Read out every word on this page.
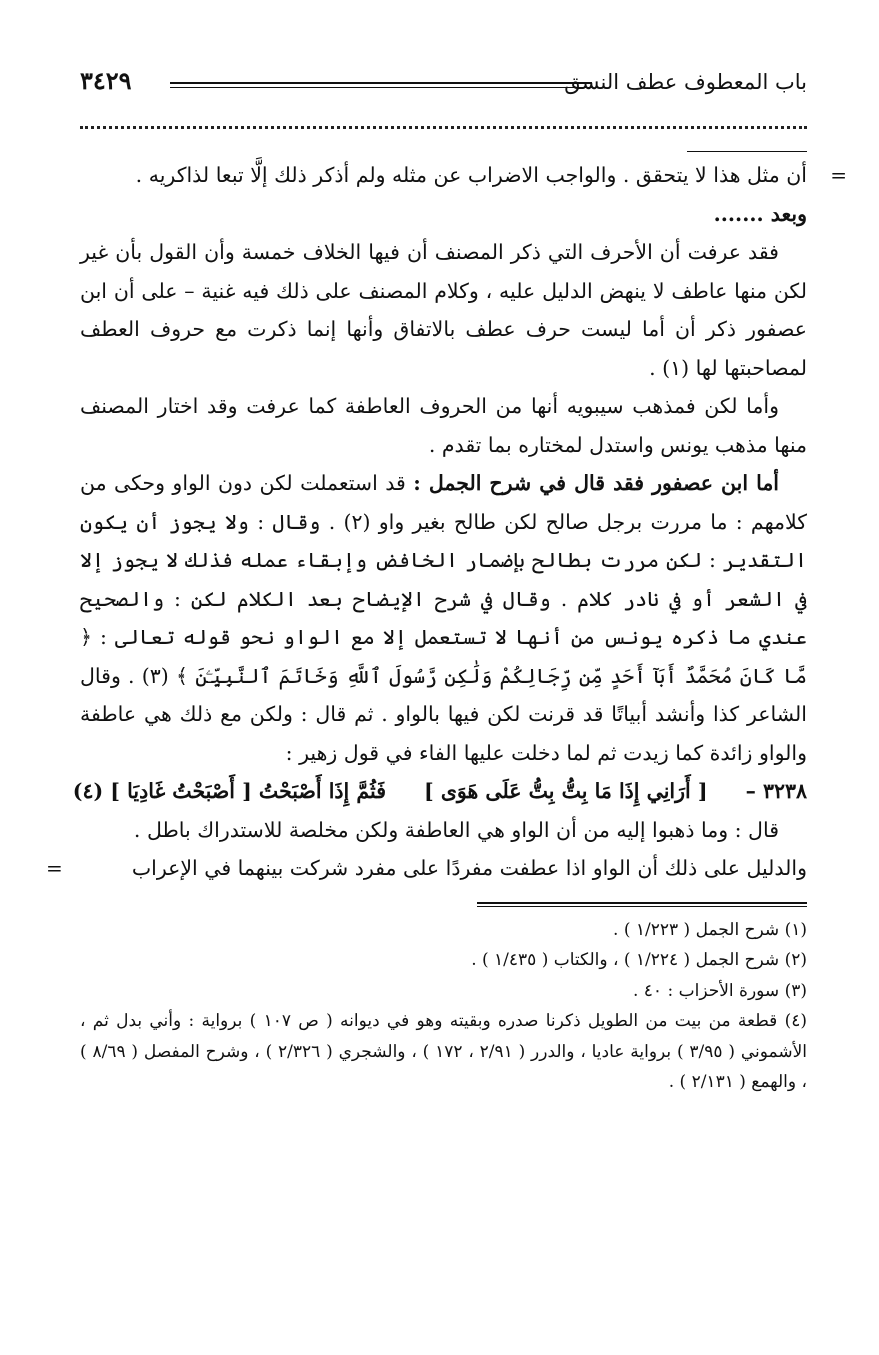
باب المعطوف عطف النسق
٣٤٢٩

=
أن مثل هذا لا يتحقق . والواجب الاضراب عن مثله ولم أذكر ذلك إلَّا تبعا لذاكريه .

وبعد .......

فقد عرفت أن الأحرف التي ذكر المصنف أن فيها الخلاف خمسة وأن القول بأن غير لكن منها عاطف لا ينهض الدليل عليه ، وكلام المصنف على ذلك فيه غنية – على أن ابن عصفور ذكر أن أما ليست حرف عطف بالاتفاق وأنها إنما ذكرت مع حروف العطف لمصاحبتها لها (١) .

وأما لكن فمذهب سيبويه أنها من الحروف العاطفة كما عرفت وقد اختار المصنف منها مذهب يونس واستدل لمختاره بما تقدم .

أما ابن عصفور فقد قال في شرح الجمل : قد استعملت لكن دون الواو وحكى من كلامهم : ما مررت برجل صالح لكن طالح بغير واو (٢) . وقال : ولا يجوز أن يكون التقدير : لكن مررت بطالح بإضمار الخافض وإبقاء عمله فذلك لا يجوز إلا في الشعر أو في نادر كلام . وقال في شرح الإيضاح بعد الكلام لكن : والصحيح عندي ما ذكره يونس من أنها لا تستعمل إلا مع الواو نحو قوله تعالى : ﴿ مَّا كَانَ مُحَمَّدٌ أَبَآ أَحَدٍ مِّن رِّجَالِكُمْ وَلَٰكِن رَّسُولَ ٱللَّهِ وَخَاتَمَ ٱلنَّبِيِّـۧنَ ﴾ (٣) . وقال الشاعر كذا وأنشد أبياتًا قد قرنت لكن فيها بالواو . ثم قال : ولكن مع ذلك هي عاطفة والواو زائدة كما زيدت ثم لما دخلت عليها الفاء في قول زهير :

٣٢٣٨ –
[ أَرَانِي إِذَا مَا بِتُّ بِتُّ عَلَى هَوَى ]
فَثُمَّ إِذَا أَصْبَحْتُ [ أَصْبَحْتُ غَادِيَا ] (٤)

قال : وما ذهبوا إليه من أن الواو هي العاطفة ولكن مخلصة للاستدراك باطل .

والدليل على ذلك أن الواو اذا عطفت مفردًا على مفرد شركت بينهما في الإعراب
=

(١) شرح الجمل ( ١/٢٢٣ ) .

(٢) شرح الجمل ( ١/٢٢٤ ) ، والكتاب ( ١/٤٣٥ ) .

(٣) سورة الأحزاب : ٤٠ .

(٤) قطعة من بيت من الطويل ذكرنا صدره وبقيته وهو في ديوانه ( ص ١٠٧ ) برواية : وأني بدل ثم ، الأشموني ( ٣/٩٥ ) برواية عاديا ، والدرر ( ٢/٩١ ، ١٧٢ ) ، والشجري ( ٢/٣٢٦ ) ، وشرح المفصل ( ٨/٦٩ ) ، والهمع ( ٢/١٣١ ) .
